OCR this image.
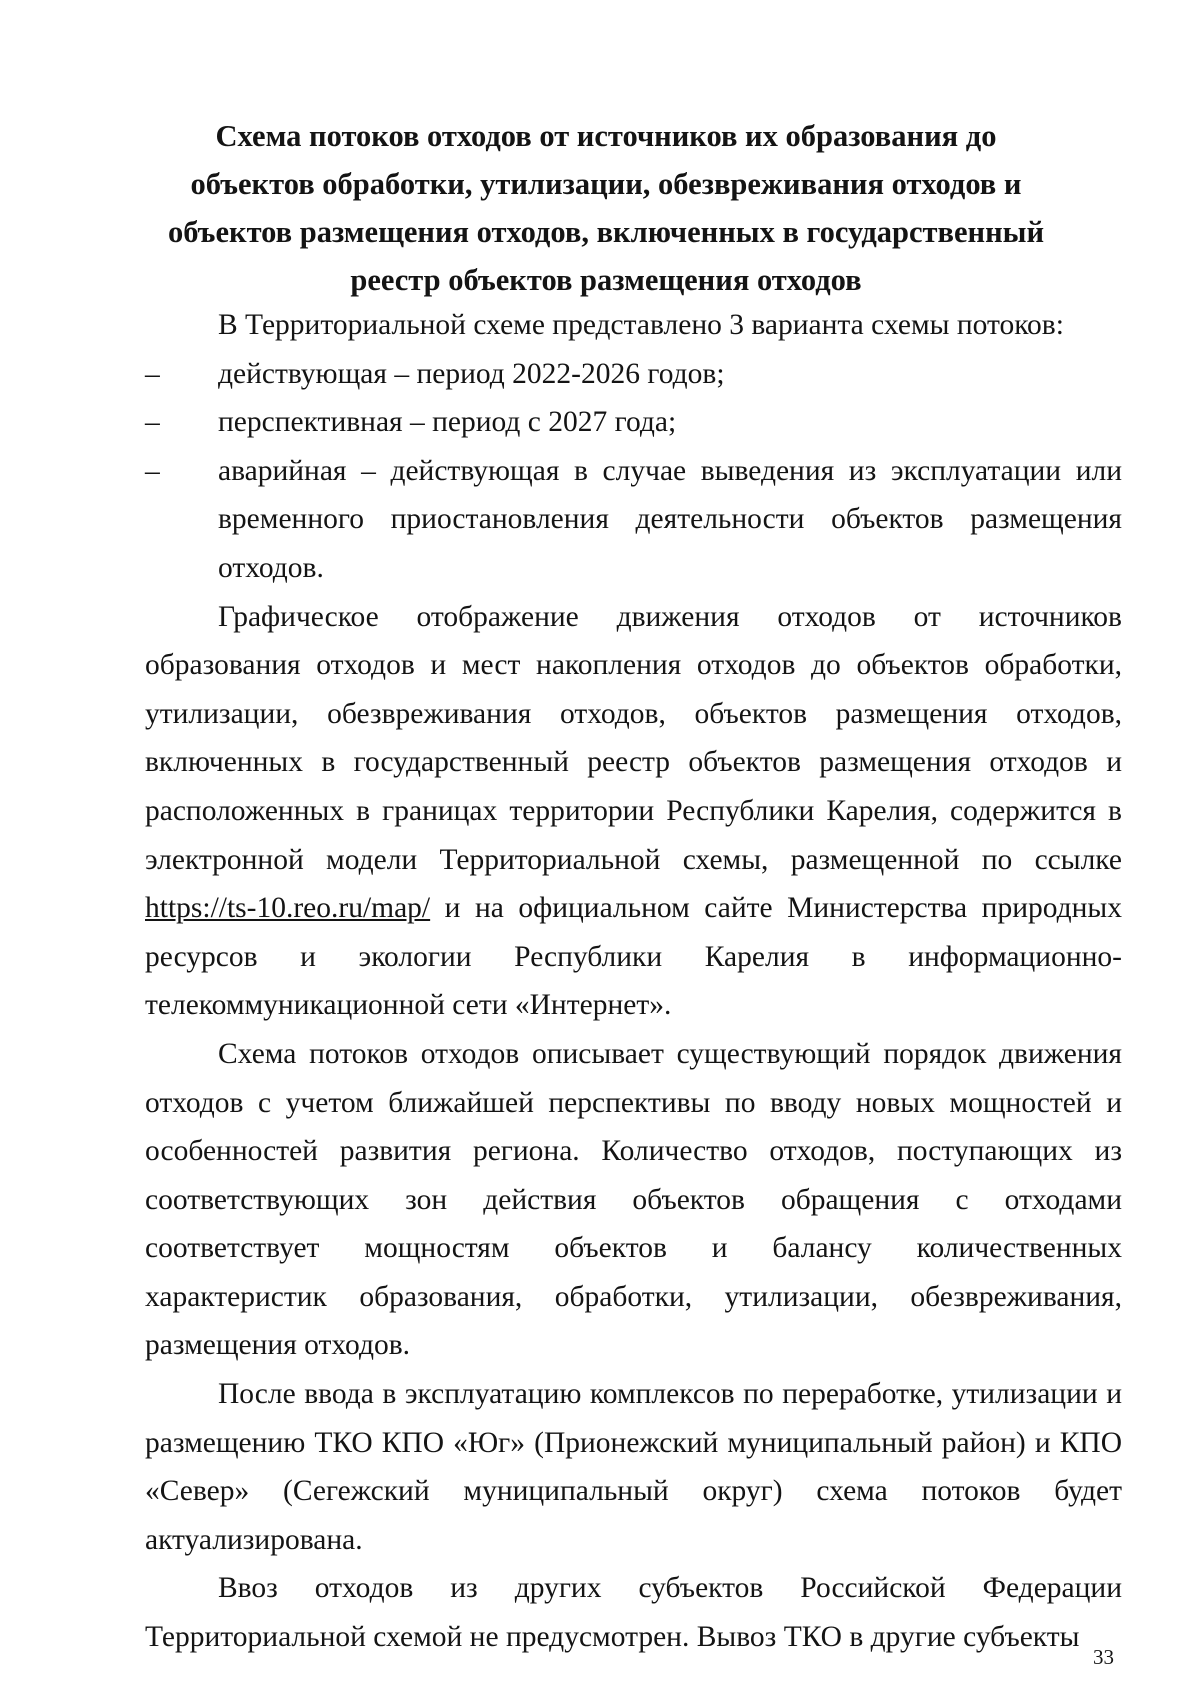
Схема потоков отходов от источников их образования до объектов обработки, утилизации, обезвреживания отходов и объектов размещения отходов, включенных в государственный реестр объектов размещения отходов

В Территориальной схеме представлено 3 варианта схемы потоков:

– действующая – период 2022-2026 годов;
– перспективная – период с 2027 года;
– аварийная – действующая в случае выведения из эксплуатации или временного приостановления деятельности объектов размещения отходов.

Графическое отображение движения отходов от источников образования отходов и мест накопления отходов до объектов обработки, утилизации, обезвреживания отходов, объектов размещения отходов, включенных в государственный реестр объектов размещения отходов и расположенных в границах территории Республики Карелия, содержится в электронной модели Территориальной схемы, размещенной по ссылке https://ts-10.reo.ru/map/ и на официальном сайте Министерства природных ресурсов и экологии Республики Карелия в информационно-телекоммуникационной сети «Интернет».

Схема потоков отходов описывает существующий порядок движения отходов с учетом ближайшей перспективы по вводу новых мощностей и особенностей развития региона. Количество отходов, поступающих из соответствующих зон действия объектов обращения с отходами соответствует мощностям объектов и балансу количественных характеристик образования, обработки, утилизации, обезвреживания, размещения отходов.

После ввода в эксплуатацию комплексов по переработке, утилизации и размещению ТКО КПО «Юг» (Прионежский муниципальный район) и КПО «Север» (Сегежский муниципальный округ) схема потоков будет актуализирована.

Ввоз отходов из других субъектов Российской Федерации Территориальной схемой не предусмотрен. Вывоз ТКО в другие субъекты

33
